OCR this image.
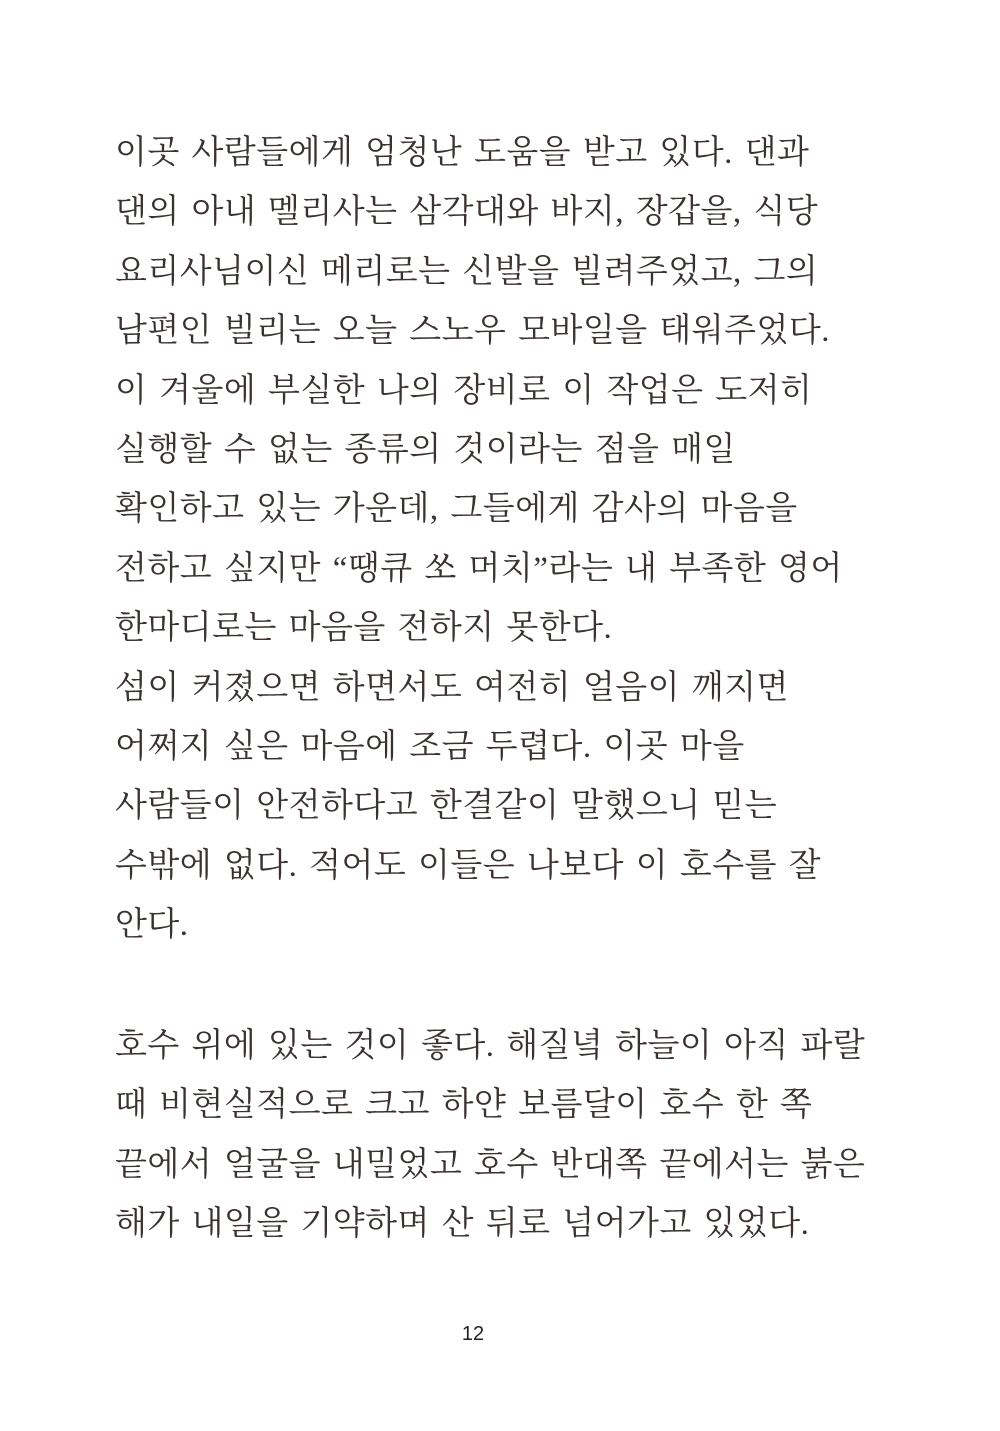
이곳 사람들에게 엄청난 도움을 받고 있다. 댄과
댄의 아내 멜리사는 삼각대와 바지, 장갑을, 식당
요리사님이신 메리로는 신발을 빌려주었고, 그의
남편인 빌리는 오늘 스노우 모바일을 태워주었다.
이 겨울에 부실한 나의 장비로 이 작업은 도저히
실행할 수 없는 종류의 것이라는 점을 매일
확인하고 있는 가운데, 그들에게 감사의 마음을
전하고 싶지만 “땡큐 쏘 머치”라는 내 부족한 영어
한마디로는 마음을 전하지 못한다.
섬이 커졌으면 하면서도 여전히 얼음이 깨지면
어쩌지 싶은 마음에 조금 두렵다. 이곳 마을
사람들이 안전하다고 한결같이 말했으니 믿는
수밖에 없다. 적어도 이들은 나보다 이 호수를 잘
안다.
호수 위에 있는 것이 좋다. 해질녘 하늘이 아직 파랄
때 비현실적으로 크고 하얀 보름달이 호수 한 쪽
끝에서 얼굴을 내밀었고 호수 반대쪽 끝에서는 붉은
해가 내일을 기약하며 산 뒤로 넘어가고 있었다.
12
